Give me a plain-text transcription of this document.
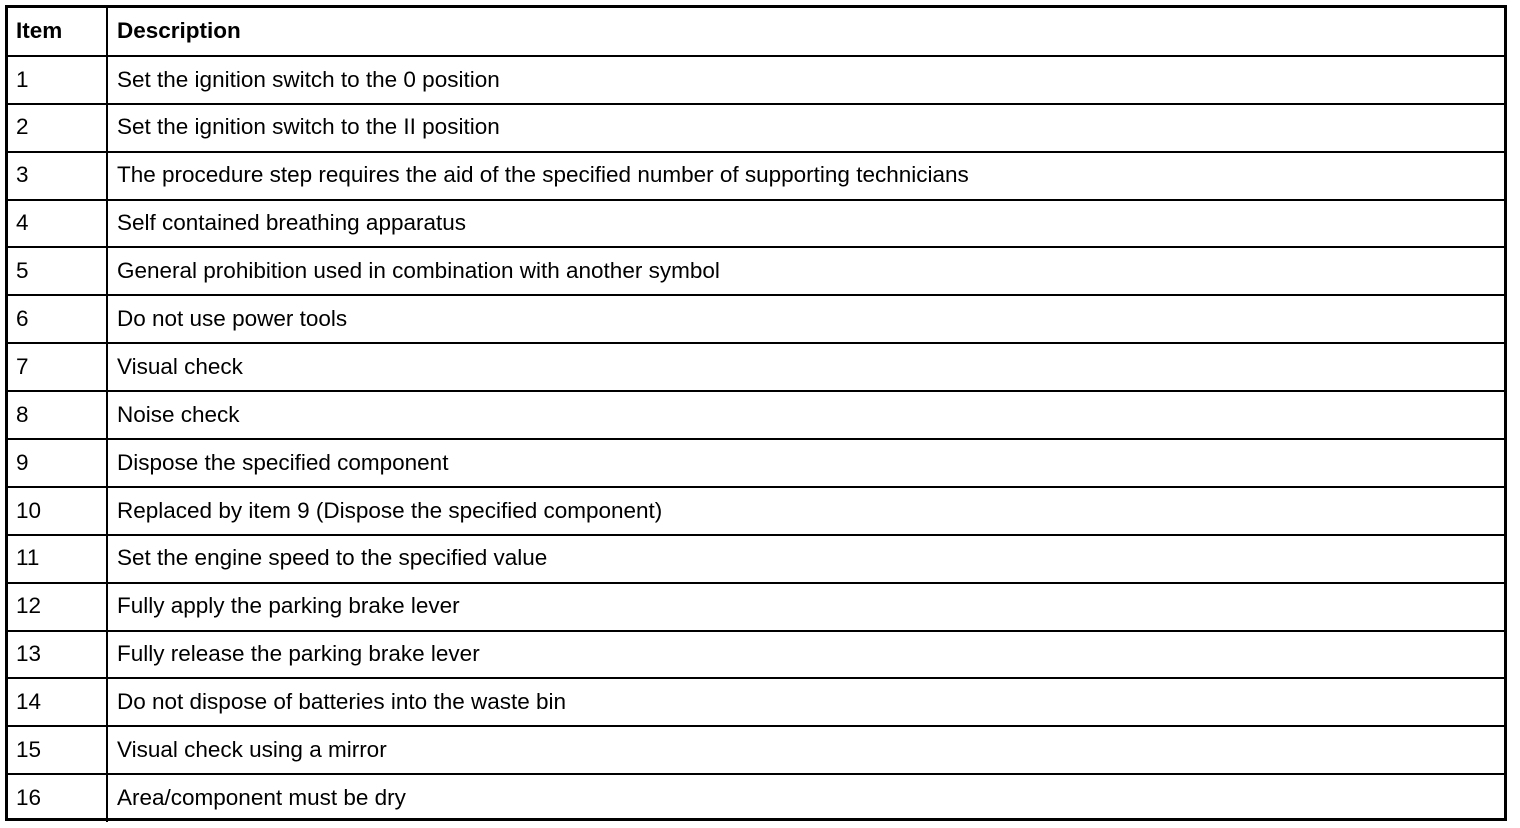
Item	Description
1	Set the ignition switch to the 0 position
2	Set the ignition switch to the II position
3	The procedure step requires the aid of the specified number of supporting technicians
4	Self contained breathing apparatus
5	General prohibition used in combination with another symbol
6	Do not use power tools
7	Visual check
8	Noise check
9	Dispose the specified component
10	Replaced by item 9 (Dispose the specified component)
11	Set the engine speed to the specified value
12	Fully apply the parking brake lever
13	Fully release the parking brake lever
14	Do not dispose of batteries into the waste bin
15	Visual check using a mirror
16	Area/component must be dry
